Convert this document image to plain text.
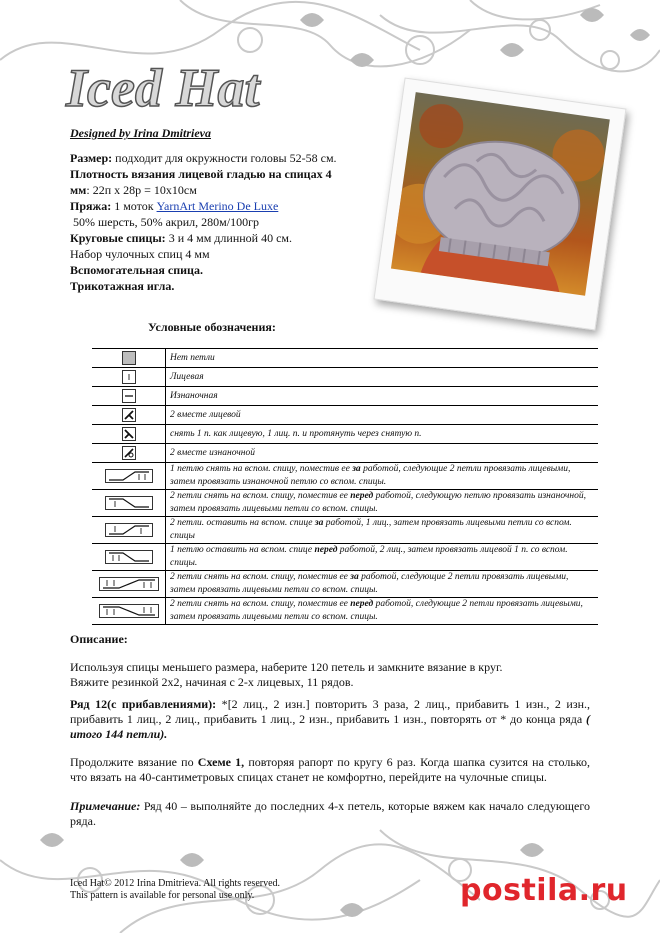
Iced Hat
Designed by Irina Dmitrieva
Размер: подходит для окружности головы 52-58 см.
Плотность вязания лицевой гладью на спицах 4
мм: 22п x 28р = 10x10см
Пряжа: 1 моток YarnArt Merino De Luxe
50% шерсть, 50% акрил, 280м/100гр
Круговые спицы: 3 и 4 мм длинной 40 см.
Набор чулочных спиц 4 мм
Вспомогательная спица.
Трикотажная игла.
Условные обозначения:
Нет петли
Лицевая
Изнаночная
2 вместе лицевой
снять 1 п. как лицевую, 1 лиц. п. и протянуть через снятую п.
2 вместе изнаночной
1 петлю снять на вспом. спицу, поместив ее за работой, следующие 2 петли провязать лицевыми, затем провязать изнаночной петлю со вспом. спицы.
2 петли снять на вспом. спицу, поместив ее перед работой, следующую петлю провязать изнаночной, затем провязать лицевыми петли со вспом. спицы.
2 петли. оставить на вспом. спице за работой, 1 лиц., затем провязать лицевыми петли со вспом. спицы
1 петлю оставить на вспом. спице перед работой, 2 лиц., затем провязать лицевой 1 п. со вспом. спицы.
2 петли снять на вспом. спицу, поместив ее за работой, следующие 2 петли провязать лицевыми, затем провязать лицевыми петли со вспом. спицы.
2 петли снять на вспом. спицу, поместив ее перед работой, следующие 2 петли провязать лицевыми, затем провязать лицевыми петли со вспом. спицы.
Описание:
Используя спицы меньшего размера, наберите 120 петель и замкните вязание в круг.
Вяжите резинкой 2x2, начиная с 2-х лицевых, 11 рядов.
Ряд 12(с прибавлениями): *[2 лиц., 2 изн.] повторить 3 раза, 2 лиц., прибавить 1 изн., 2 изн., прибавить 1 лиц., 2 лиц., прибавить 1 лиц., 2 изн., прибавить 1 изн., повторять от * до конца ряда ( итого 144 петли).
Продолжите вязание по Схеме 1, повторяя рапорт по кругу 6 раз. Когда шапка сузится на столько, что вязать на 40-сантиметровых спицах станет не комфортно, перейдите на чулочные спицы.
Примечание: Ряд 40 – выполняйте до последних 4-х петель, которые вяжем как начало следующего ряда.
Iced Hat© 2012 Irina Dmitrieva. All rights reserved.
This pattern is available for personal use only.	postila.ru
